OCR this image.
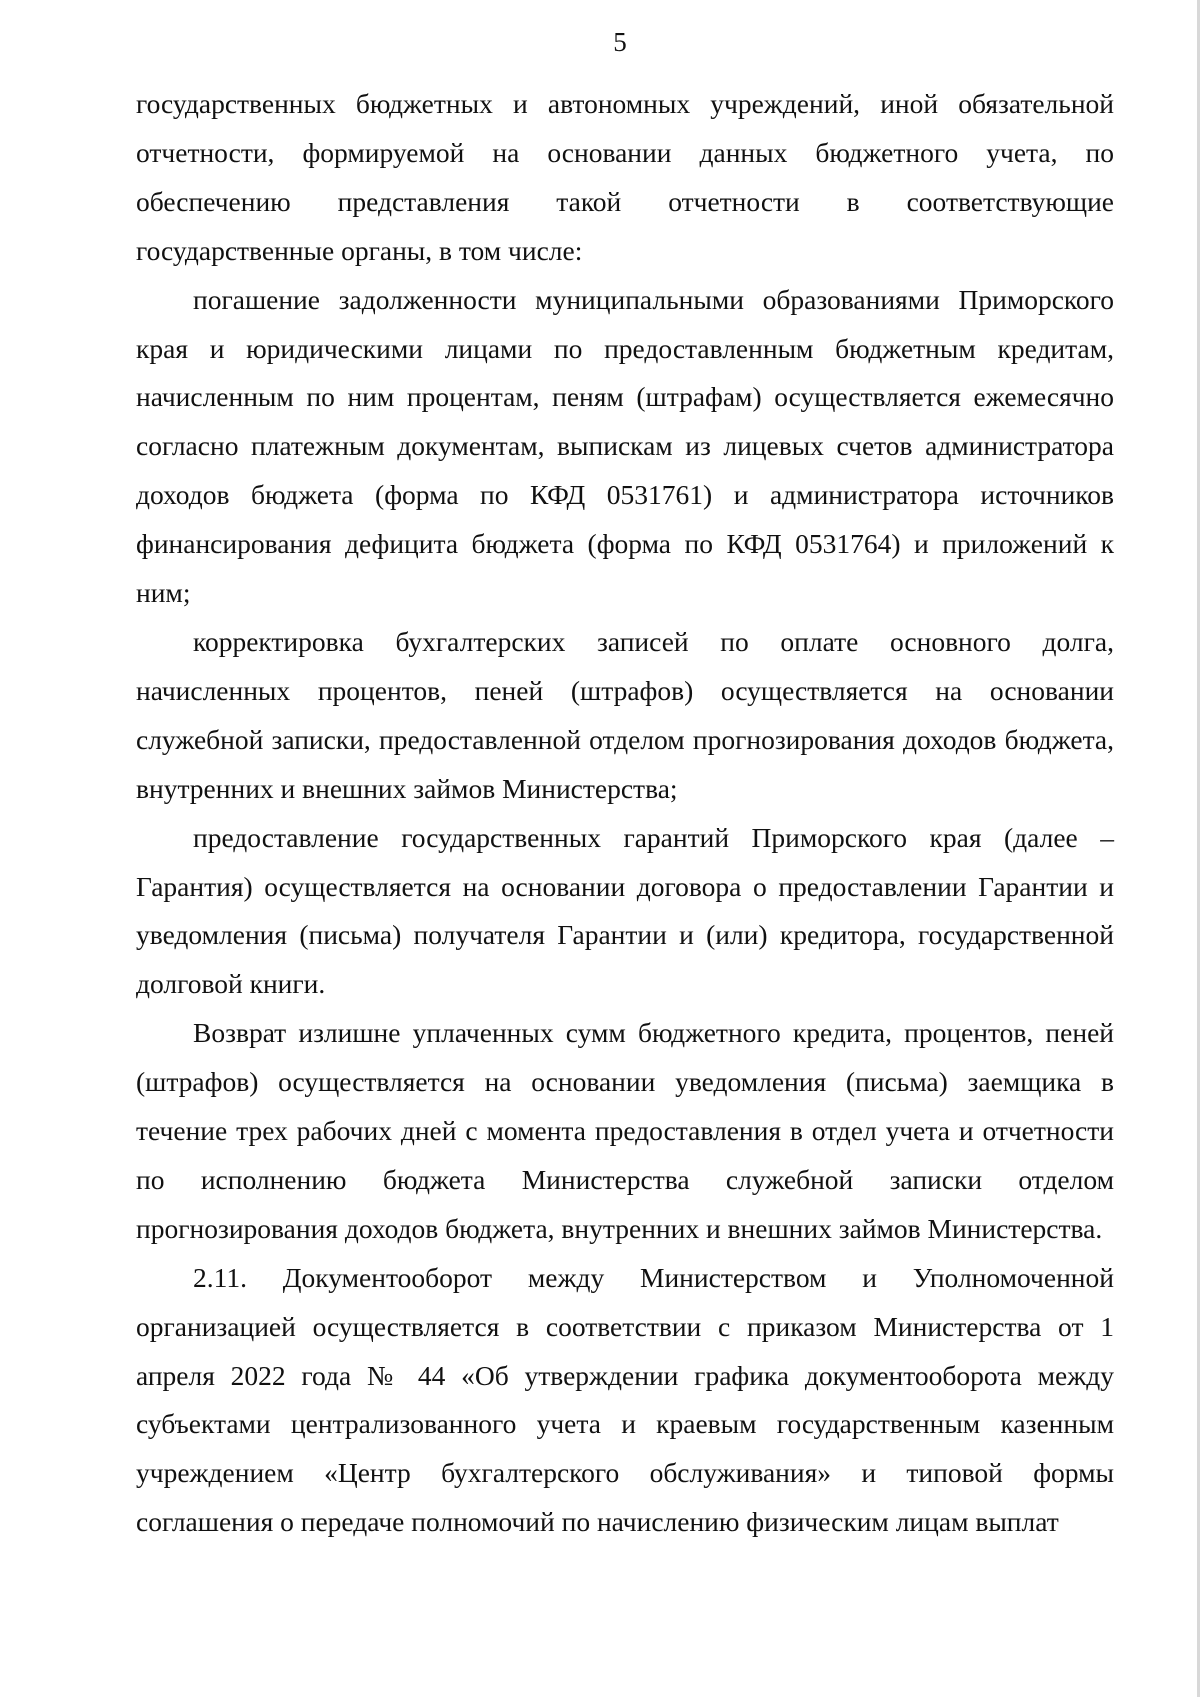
5

государственных бюджетных и автономных учреждений, иной обязательной отчетности, формируемой на основании данных бюджетного учета, по обеспечению представления такой отчетности в соответствующие государственные органы, в том числе:

погашение задолженности муниципальными образованиями Приморского края и юридическими лицами по предоставленным бюджетным кредитам, начисленным по ним процентам, пеням (штрафам) осуществляется ежемесячно согласно платежным документам, выпискам из лицевых счетов администратора доходов бюджета (форма по КФД 0531761) и администратора источников финансирования дефицита бюджета (форма по КФД 0531764) и приложений к ним;

корректировка бухгалтерских записей по оплате основного долга, начисленных процентов, пеней (штрафов) осуществляется на основании служебной записки, предоставленной отделом прогнозирования доходов бюджета, внутренних и внешних займов Министерства;

предоставление государственных гарантий Приморского края (далее – Гарантия) осуществляется на основании договора о предоставлении Гарантии и уведомления (письма) получателя Гарантии и (или) кредитора, государственной долговой книги.

Возврат излишне уплаченных сумм бюджетного кредита, процентов, пеней (штрафов) осуществляется на основании уведомления (письма) заемщика в течение трех рабочих дней с момента предоставления в отдел учета и отчетности по исполнению бюджета Министерства служебной записки отделом прогнозирования доходов бюджета, внутренних и внешних займов Министерства.

2.11. Документооборот между Министерством и Уполномоченной организацией осуществляется в соответствии с приказом Министерства от 1 апреля 2022 года № 44 «Об утверждении графика документооборота между субъектами централизованного учета и краевым государственным казенным учреждением «Центр бухгалтерского обслуживания» и типовой формы соглашения о передаче полномочий по начислению физическим лицам выплат
